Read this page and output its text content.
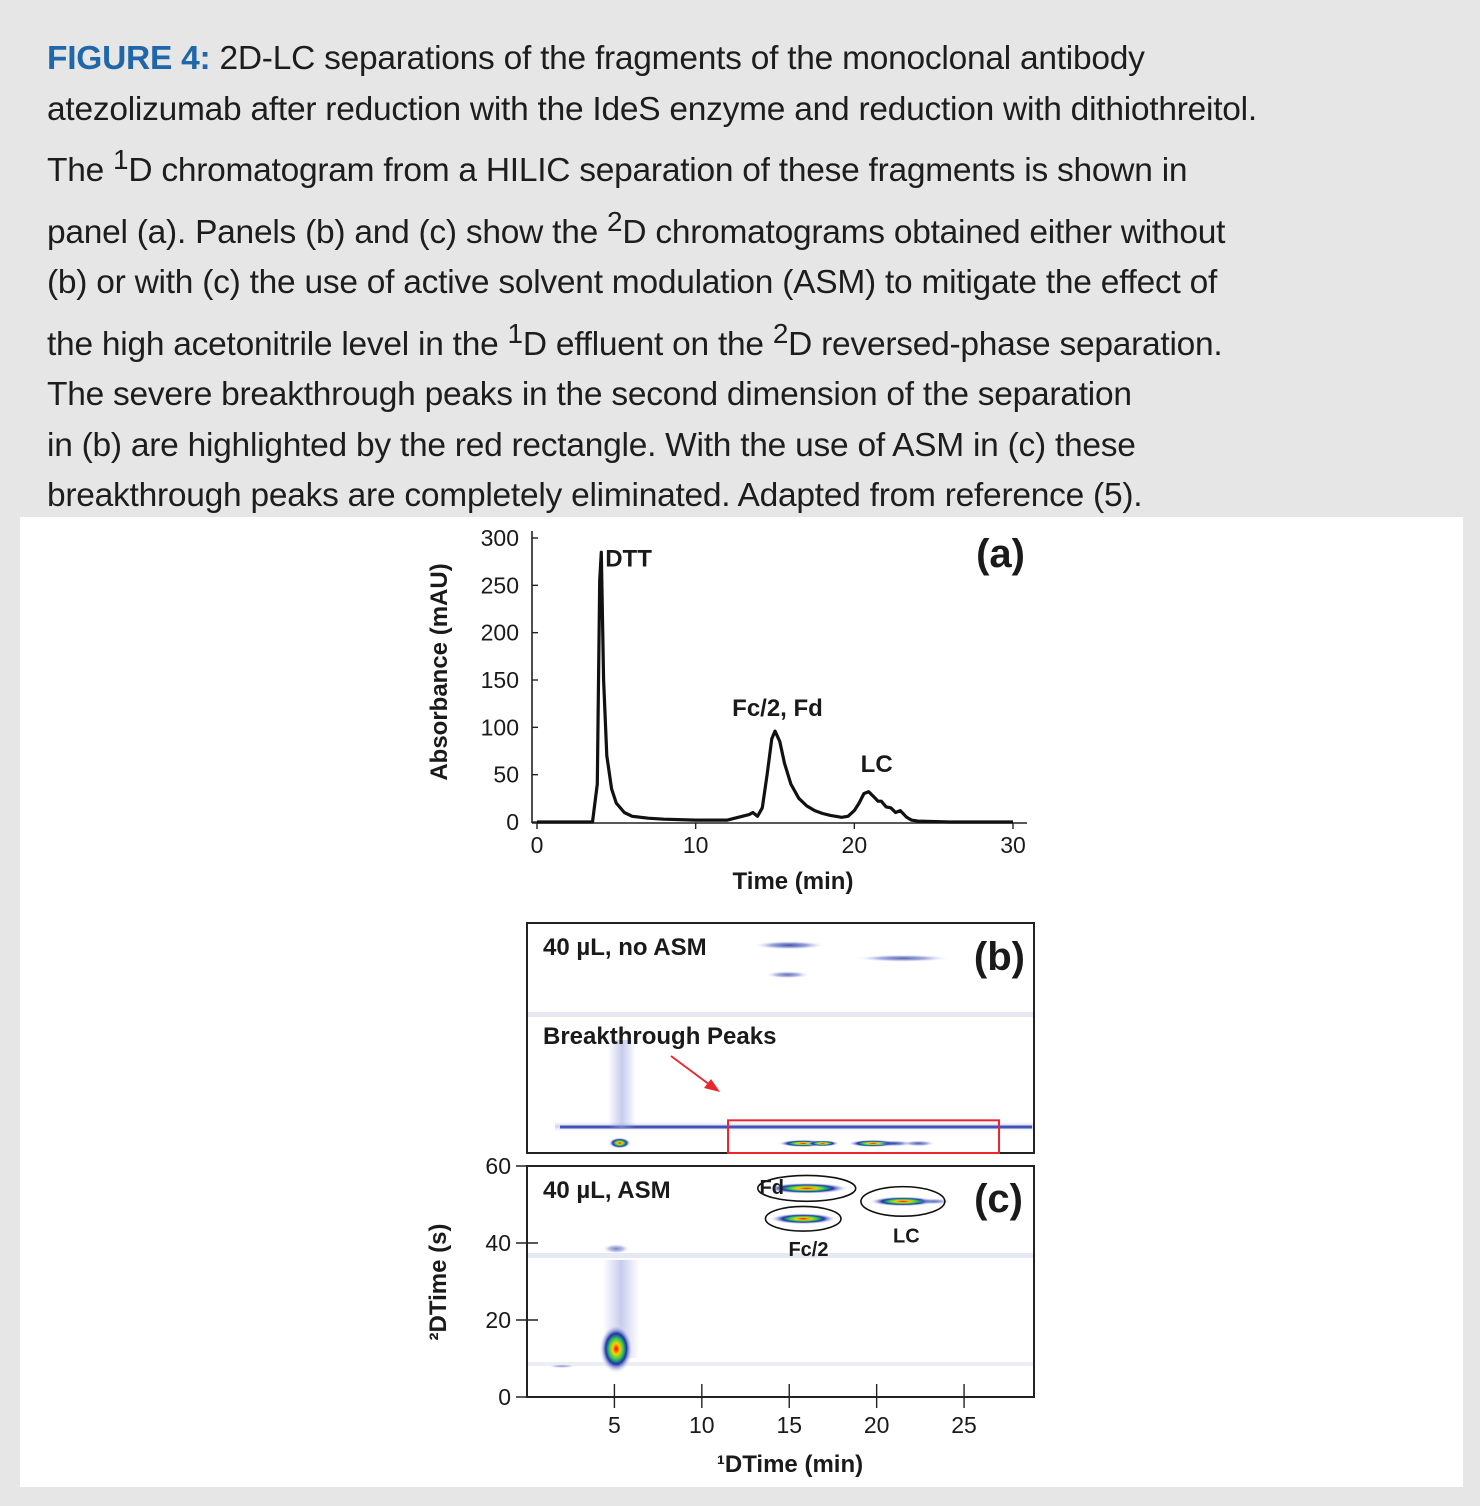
FIGURE 4: 2D-LC separations of the fragments of the monoclonal antibody
atezolizumab after reduction with the IdeS enzyme and reduction with dithiothreitol.
The $^1$D chromatogram from a HILIC separation of these fragments is shown in
panel (a). Panels (b) and (c) show the $^2$D chromatograms obtained either without
(b) or with (c) the use of active solvent modulation (ASM) to mitigate the effect of
the high acetonitrile level in the $^1$D effluent on the $^2$D reversed-phase separation.
The severe breakthrough peaks in the second dimension of the separation
in (b) are highlighted by the red rectangle. With the use of ASM in (c) these
breakthrough peaks are completely eliminated. Adapted from reference (5).
0
50
100
150
200
250
300
0	10	20	30
DTT
Fc/2, Fd
LC
(a)
Time (min)
Absorbance (mAU)
40 µL, no ASM	(b)
Breakthrough Peaks
0
20
40
60
5	10	15	20	25
40 µL, ASM	(c)
Fd
Fc/2
LC
¹DTime (min)
²DTime (s)
